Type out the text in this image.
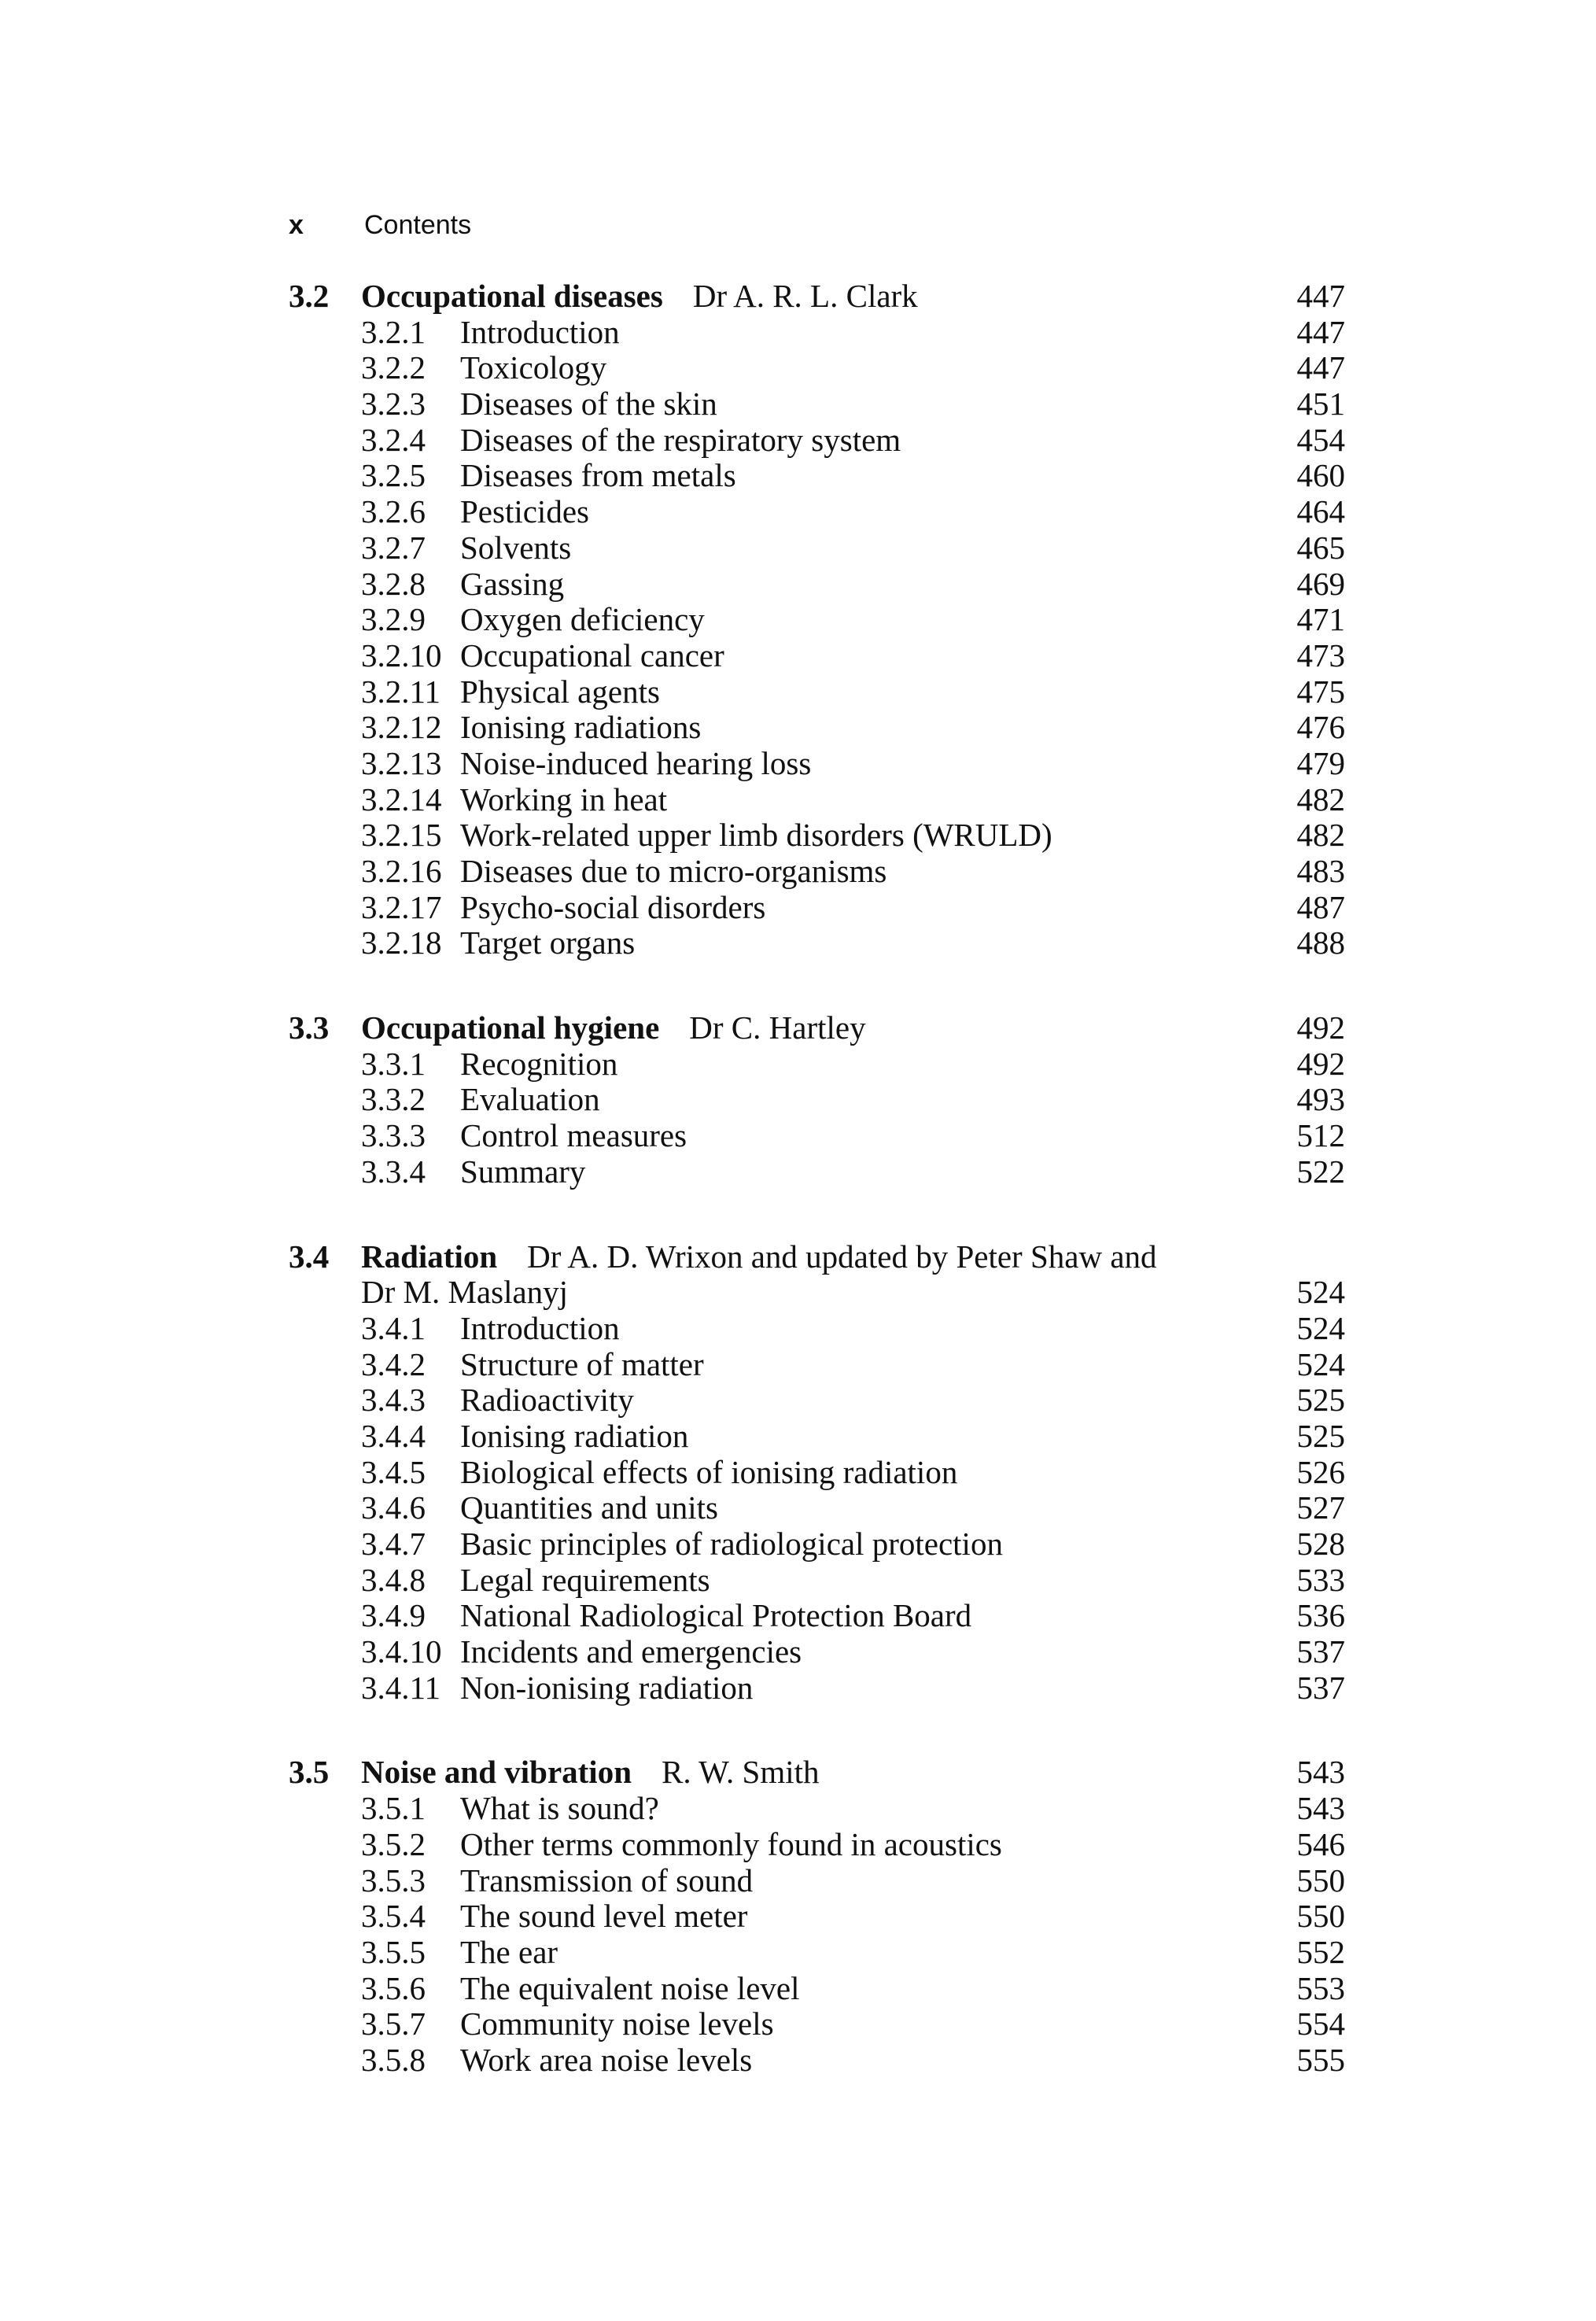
x	Contents
3.2 Occupational diseases Dr A. R. L. Clark	447
3.2.1 Introduction	447
3.2.2 Toxicology	447
3.2.3 Diseases of the skin	451
3.2.4 Diseases of the respiratory system	454
3.2.5 Diseases from metals	460
3.2.6 Pesticides	464
3.2.7 Solvents	465
3.2.8 Gassing	469
3.2.9 Oxygen deficiency	471
3.2.10 Occupational cancer	473
3.2.11 Physical agents	475
3.2.12 Ionising radiations	476
3.2.13 Noise-induced hearing loss	479
3.2.14 Working in heat	482
3.2.15 Work-related upper limb disorders (WRULD)	482
3.2.16 Diseases due to micro-organisms	483
3.2.17 Psycho-social disorders	487
3.2.18 Target organs	488
3.3 Occupational hygiene Dr C. Hartley	492
3.3.1 Recognition	492
3.3.2 Evaluation	493
3.3.3 Control measures	512
3.3.4 Summary	522
3.4 Radiation Dr A. D. Wrixon and updated by Peter Shaw and
Dr M. Maslanyj	524
3.4.1 Introduction	524
3.4.2 Structure of matter	524
3.4.3 Radioactivity	525
3.4.4 Ionising radiation	525
3.4.5 Biological effects of ionising radiation	526
3.4.6 Quantities and units	527
3.4.7 Basic principles of radiological protection	528
3.4.8 Legal requirements	533
3.4.9 National Radiological Protection Board	536
3.4.10 Incidents and emergencies	537
3.4.11 Non-ionising radiation	537
3.5 Noise and vibration R. W. Smith	543
3.5.1 What is sound?	543
3.5.2 Other terms commonly found in acoustics	546
3.5.3 Transmission of sound	550
3.5.4 The sound level meter	550
3.5.5 The ear	552
3.5.6 The equivalent noise level	553
3.5.7 Community noise levels	554
3.5.8 Work area noise levels	555
